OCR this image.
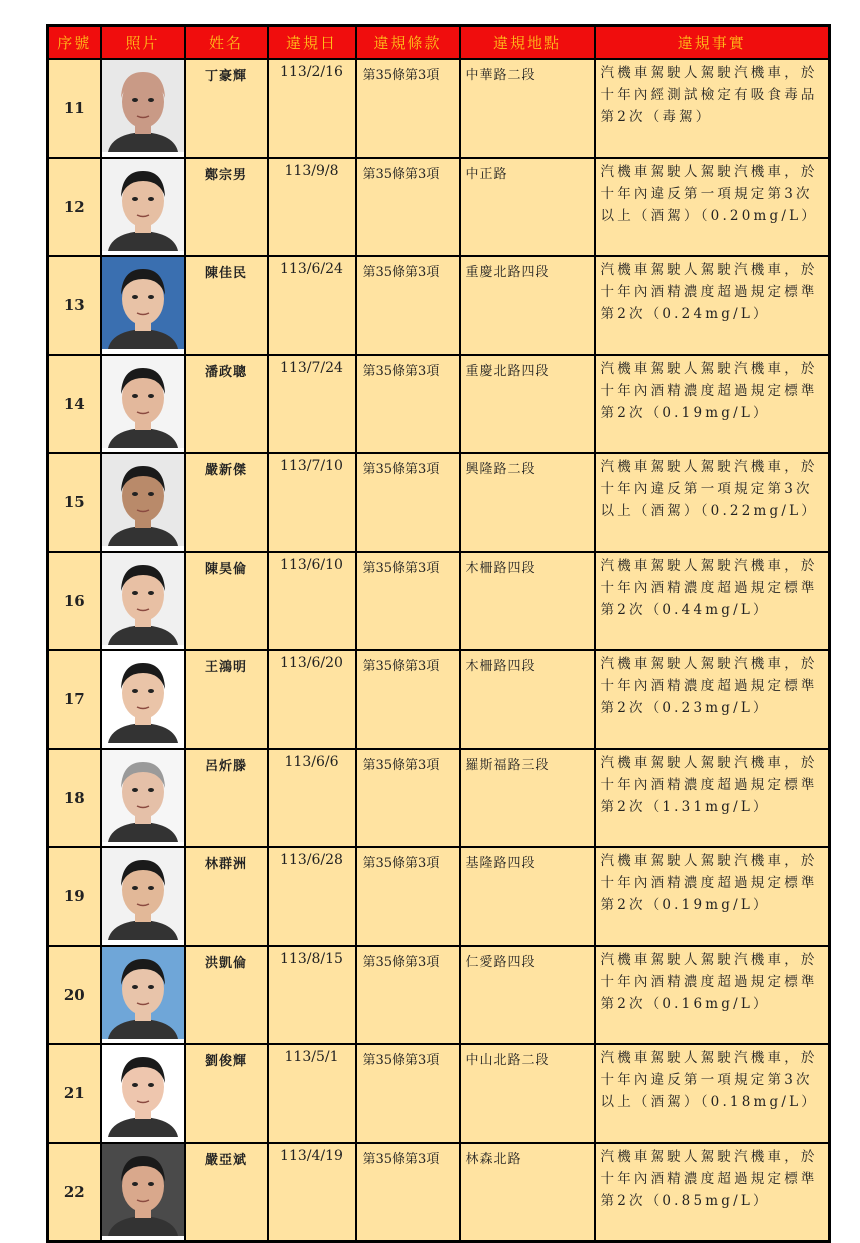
序號	照片	姓名	違規日	違規條款	違規地點	違規事實
11		丁豪輝	113/2/16	第35條第3項	中華路二段	汽機車駕駛人駕駛汽機車，於十年內經測試檢定有吸食毒品第2次（毒駕）
12		鄭宗男	113/9/8	第35條第3項	中正路	汽機車駕駛人駕駛汽機車，於十年內違反第一項規定第3次以上（酒駕）（0.20mg/L）
13		陳佳民	113/6/24	第35條第3項	重慶北路四段	汽機車駕駛人駕駛汽機車，於十年內酒精濃度超過規定標準第2次（0.24mg/L）
14		潘政聰	113/7/24	第35條第3項	重慶北路四段	汽機車駕駛人駕駛汽機車，於十年內酒精濃度超過規定標準第2次（0.19mg/L）
15		嚴新傑	113/7/10	第35條第3項	興隆路二段	汽機車駕駛人駕駛汽機車，於十年內違反第一項規定第3次以上（酒駕）（0.22mg/L）
16		陳昊倫	113/6/10	第35條第3項	木柵路四段	汽機車駕駛人駕駛汽機車，於十年內酒精濃度超過規定標準第2次（0.44mg/L）
17		王鴻明	113/6/20	第35條第3項	木柵路四段	汽機車駕駛人駕駛汽機車，於十年內酒精濃度超過規定標準第2次（0.23mg/L）
18		呂炘滕	113/6/6	第35條第3項	羅斯福路三段	汽機車駕駛人駕駛汽機車，於十年內酒精濃度超過規定標準第2次（1.31mg/L）
19		林群洲	113/6/28	第35條第3項	基隆路四段	汽機車駕駛人駕駛汽機車，於十年內酒精濃度超過規定標準第2次（0.19mg/L）
20		洪凱倫	113/8/15	第35條第3項	仁愛路四段	汽機車駕駛人駕駛汽機車，於十年內酒精濃度超過規定標準第2次（0.16mg/L）
21		劉俊輝	113/5/1	第35條第3項	中山北路二段	汽機車駕駛人駕駛汽機車，於十年內違反第一項規定第3次以上（酒駕）（0.18mg/L）
22		嚴亞斌	113/4/19	第35條第3項	林森北路	汽機車駕駛人駕駛汽機車，於十年內酒精濃度超過規定標準第2次（0.85mg/L）
